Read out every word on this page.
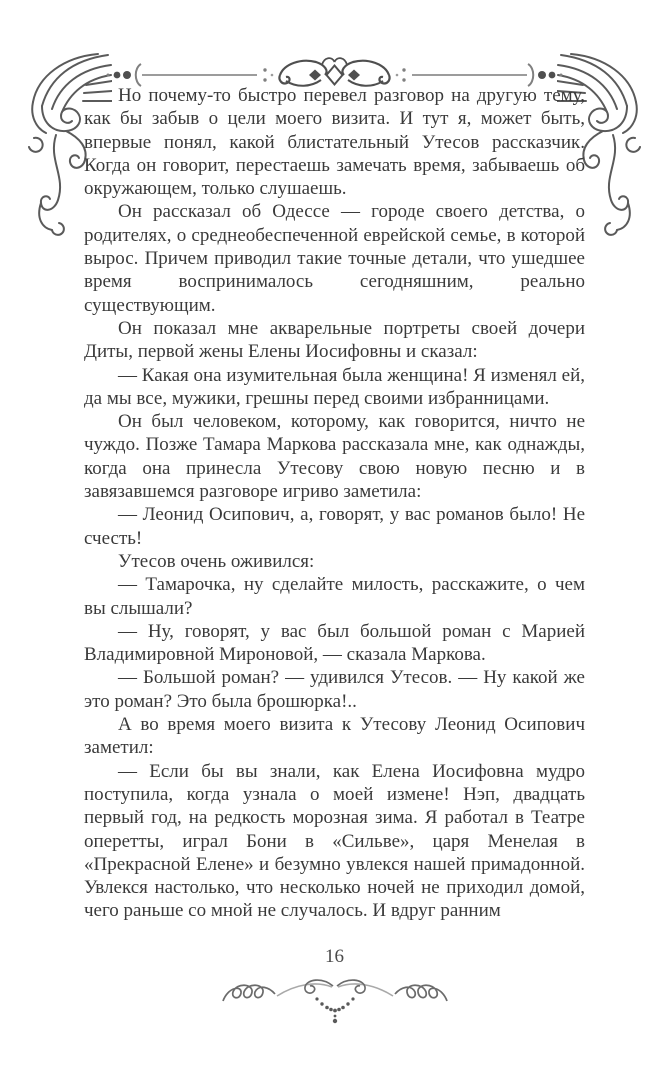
Но почему-то быстро перевел разговор на другую тему, как бы забыв о цели моего визита. И тут я, может быть, впервые понял, какой блистательный Утесов рассказчик. Когда он говорит, перестаешь замечать время, забываешь об окружающем, только слушаешь.

Он рассказал об Одессе — городе своего детства, о родителях, о среднеобеспеченной еврейской семье, в которой вырос. Причем приводил такие точные детали, что ушедшее время воспринималось сегодняшним, реально существующим.

Он показал мне акварельные портреты своей дочери Диты, первой жены Елены Иосифовны и сказал:

— Какая она изумительная была женщина! Я изменял ей, да мы все, мужики, грешны перед своими избранницами.

Он был человеком, которому, как говорится, ничто не чуждо. Позже Тамара Маркова рассказала мне, как однажды, когда она принесла Утесову свою новую песню и в завязавшемся разговоре игриво заметила:

— Леонид Осипович, а, говорят, у вас романов было! Не счесть!

Утесов очень оживился:

— Тамарочка, ну сделайте милость, расскажите, о чем вы слышали?

— Ну, говорят, у вас был большой роман с Марией Владимировной Мироновой, — сказала Маркова.

— Большой роман? — удивился Утесов. — Ну какой же это роман? Это была брошюрка!..

А во время моего визита к Утесову Леонид Осипович заметил:

— Если бы вы знали, как Елена Иосифовна мудро поступила, когда узнала о моей измене! Нэп, двадцать первый год, на редкость морозная зима. Я работал в Театре оперетты, играл Бони в «Сильве», царя Менелая в «Прекрасной Елене» и безумно увлекся нашей примадонной. Увлекся настолько, что несколько ночей не приходил домой, чего раньше со мной не случалось. И вдруг ранним

16
